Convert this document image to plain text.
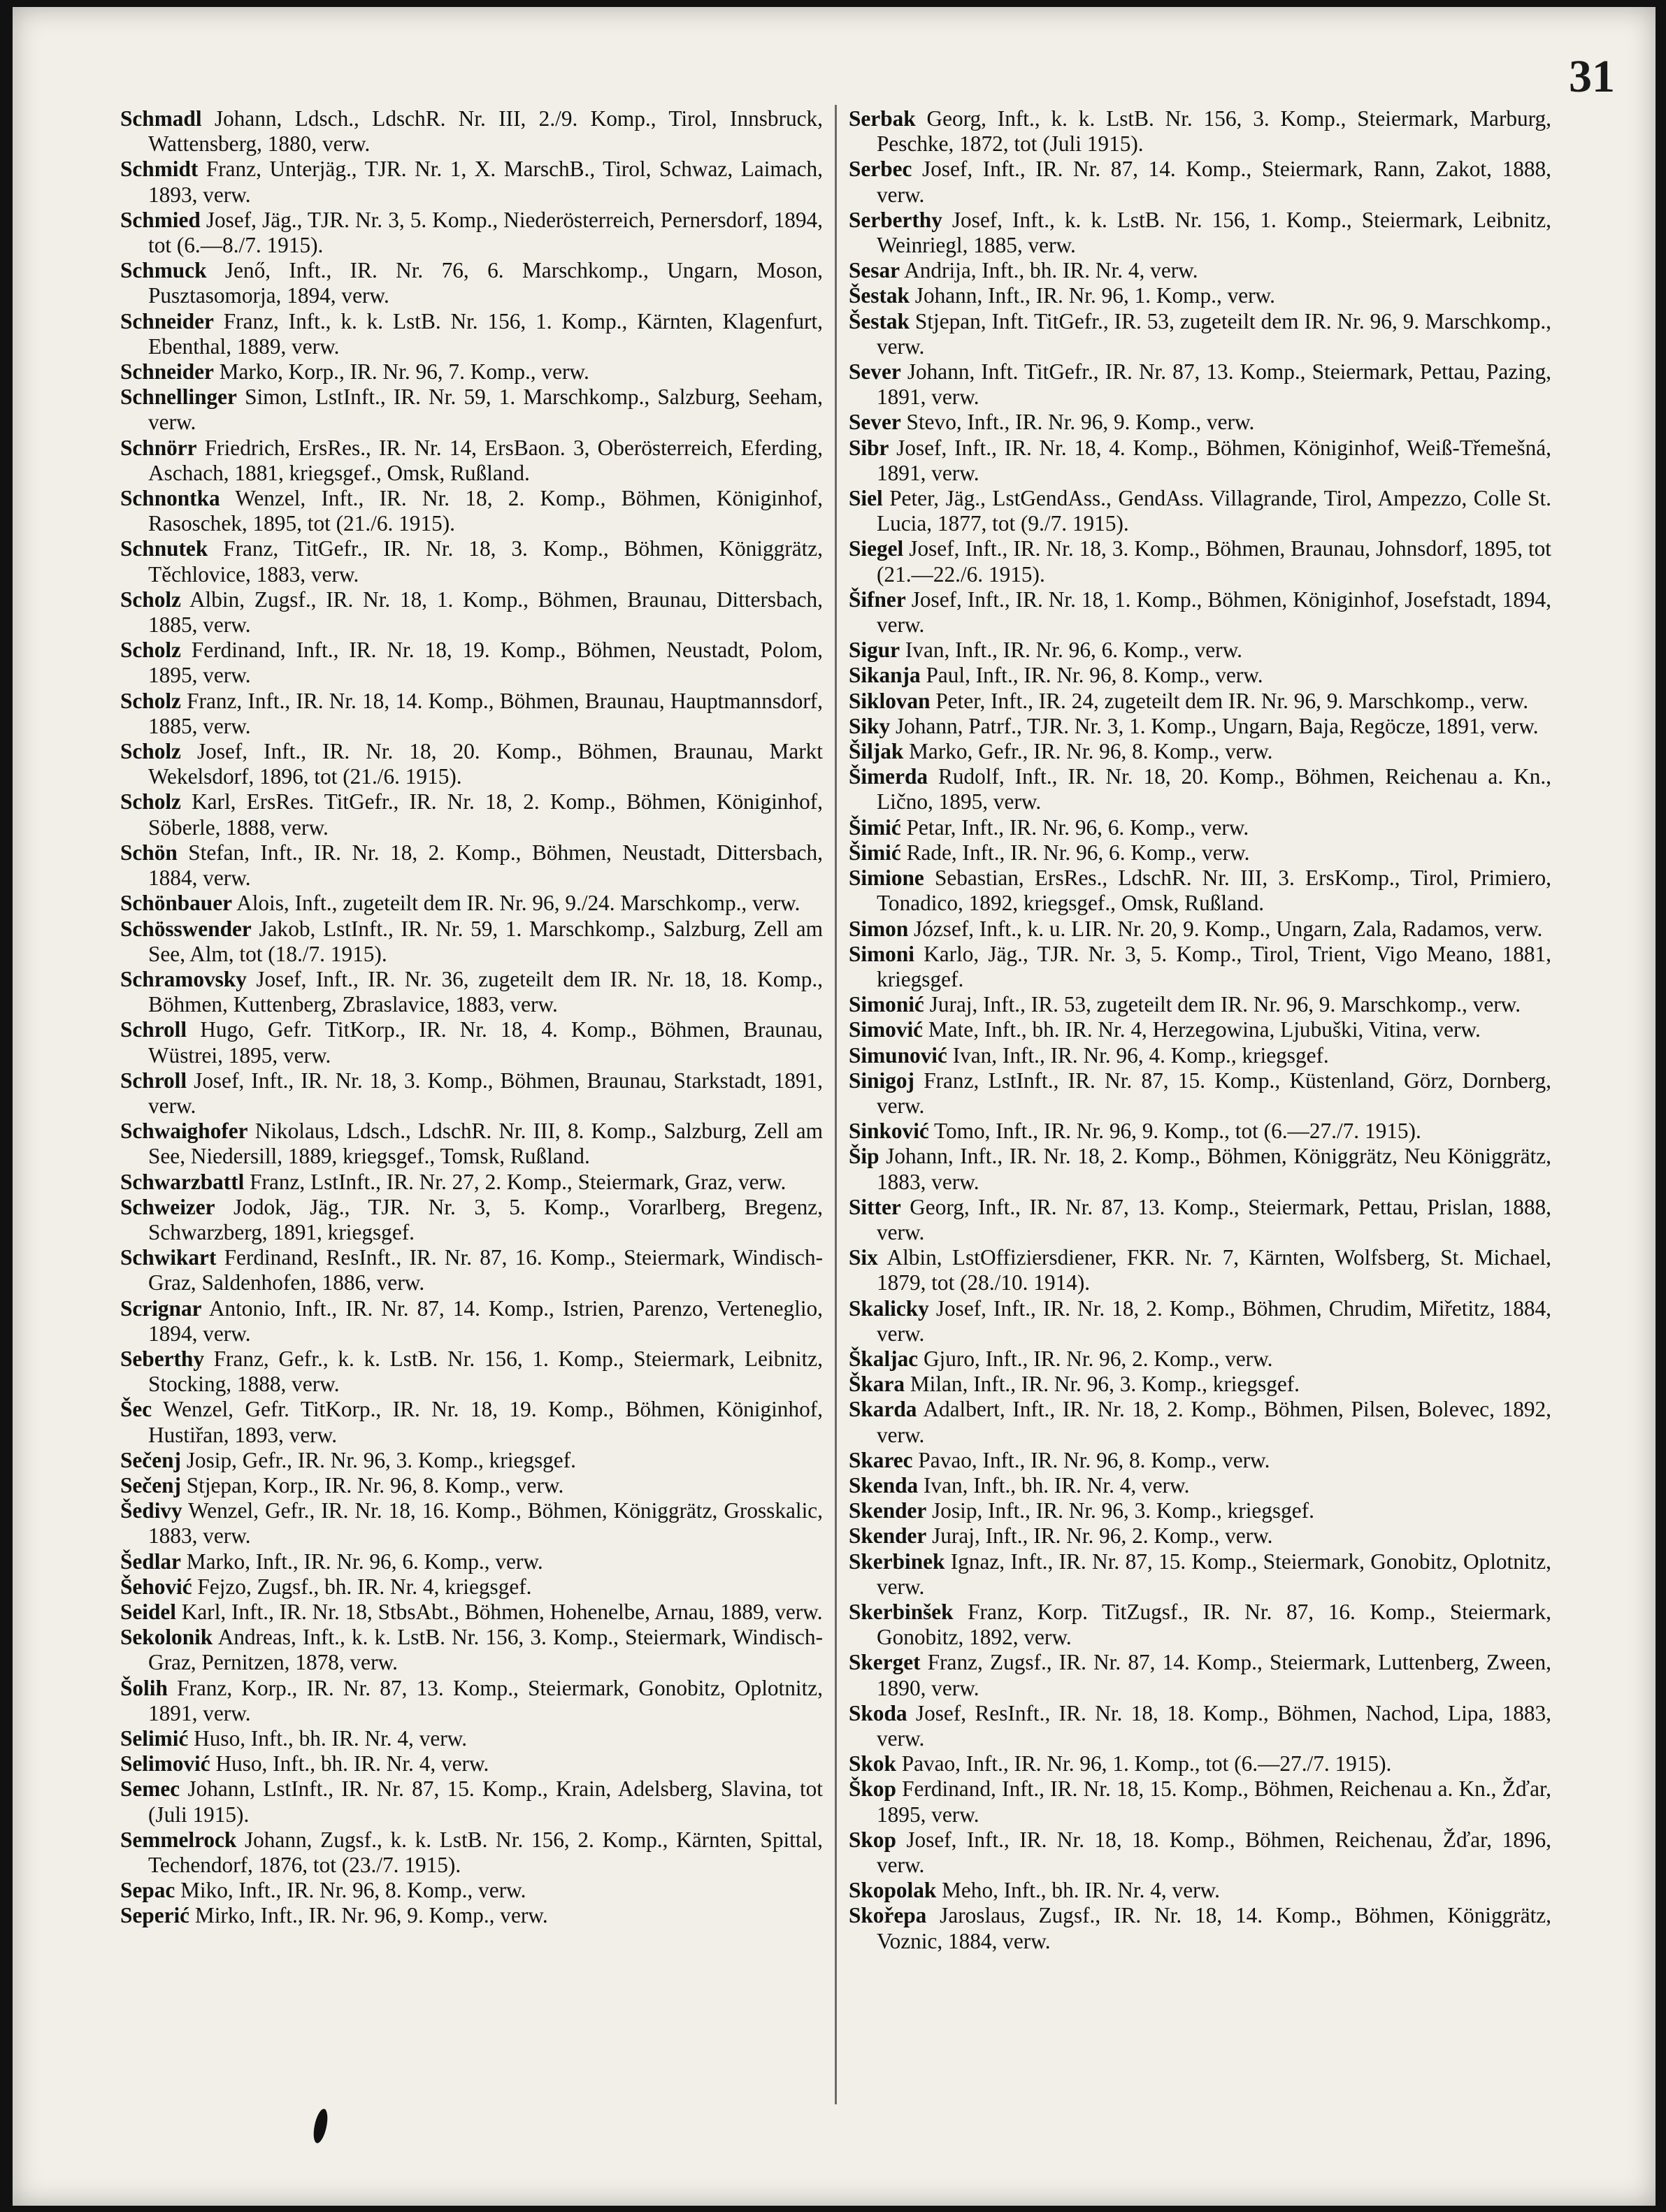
31

Schmadl Johann, Ldsch., LdschR. Nr. III, 2./9. Komp., Tirol, Innsbruck, Wattensberg, 1880, verw.

Schmidt Franz, Unterjäg., TJR. Nr. 1, X. MarschB., Tirol, Schwaz, Laimach, 1893, verw.

Schmied Josef, Jäg., TJR. Nr. 3, 5. Komp., Niederösterreich, Pernersdorf, 1894, tot (6.—8./7. 1915).

Schmuck Jenő, Inft., IR. Nr. 76, 6. Marschkomp., Ungarn, Moson, Pusztasomorja, 1894, verw.

Schneider Franz, Inft., k. k. LstB. Nr. 156, 1. Komp., Kärnten, Klagenfurt, Ebenthal, 1889, verw.

Schneider Marko, Korp., IR. Nr. 96, 7. Komp., verw.

Schnellinger Simon, LstInft., IR. Nr. 59, 1. Marschkomp., Salzburg, Seeham, verw.

Schnörr Friedrich, ErsRes., IR. Nr. 14, ErsBaon. 3, Oberösterreich, Eferding, Aschach, 1881, kriegsgef., Omsk, Rußland.

Schnontka Wenzel, Inft., IR. Nr. 18, 2. Komp., Böhmen, Königinhof, Rasoschek, 1895, tot (21./6. 1915).

Schnutek Franz, TitGefr., IR. Nr. 18, 3. Komp., Böhmen, Königgrätz, Těchlovice, 1883, verw.

Scholz Albin, Zugsf., IR. Nr. 18, 1. Komp., Böhmen, Braunau, Dittersbach, 1885, verw.

Scholz Ferdinand, Inft., IR. Nr. 18, 19. Komp., Böhmen, Neustadt, Polom, 1895, verw.

Scholz Franz, Inft., IR. Nr. 18, 14. Komp., Böhmen, Braunau, Hauptmannsdorf, 1885, verw.

Scholz Josef, Inft., IR. Nr. 18, 20. Komp., Böhmen, Braunau, Markt Wekelsdorf, 1896, tot (21./6. 1915).

Scholz Karl, ErsRes. TitGefr., IR. Nr. 18, 2. Komp., Böhmen, Königinhof, Söberle, 1888, verw.

Schön Stefan, Inft., IR. Nr. 18, 2. Komp., Böhmen, Neustadt, Dittersbach, 1884, verw.

Schönbauer Alois, Inft., zugeteilt dem IR. Nr. 96, 9./24. Marschkomp., verw.

Schösswender Jakob, LstInft., IR. Nr. 59, 1. Marschkomp., Salzburg, Zell am See, Alm, tot (18./7. 1915).

Schramovsky Josef, Inft., IR. Nr. 36, zugeteilt dem IR. Nr. 18, 18. Komp., Böhmen, Kuttenberg, Zbraslavice, 1883, verw.

Schroll Hugo, Gefr. TitKorp., IR. Nr. 18, 4. Komp., Böhmen, Braunau, Wüstrei, 1895, verw.

Schroll Josef, Inft., IR. Nr. 18, 3. Komp., Böhmen, Braunau, Starkstadt, 1891, verw.

Schwaighofer Nikolaus, Ldsch., LdschR. Nr. III, 8. Komp., Salzburg, Zell am See, Niedersill, 1889, kriegsgef., Tomsk, Rußland.

Schwarzbattl Franz, LstInft., IR. Nr. 27, 2. Komp., Steiermark, Graz, verw.

Schweizer Jodok, Jäg., TJR. Nr. 3, 5. Komp., Vorarlberg, Bregenz, Schwarzberg, 1891, kriegsgef.

Schwikart Ferdinand, ResInft., IR. Nr. 87, 16. Komp., Steiermark, Windisch-Graz, Saldenhofen, 1886, verw.

Scrignar Antonio, Inft., IR. Nr. 87, 14. Komp., Istrien, Parenzo, Verteneglio, 1894, verw.

Seberthy Franz, Gefr., k. k. LstB. Nr. 156, 1. Komp., Steiermark, Leibnitz, Stocking, 1888, verw.

Šec Wenzel, Gefr. TitKorp., IR. Nr. 18, 19. Komp., Böhmen, Königinhof, Hustiřan, 1893, verw.

Sečenj Josip, Gefr., IR. Nr. 96, 3. Komp., kriegsgef.

Sečenj Stjepan, Korp., IR. Nr. 96, 8. Komp., verw.

Šedivy Wenzel, Gefr., IR. Nr. 18, 16. Komp., Böhmen, Königgrätz, Grosskalic, 1883, verw.

Šedlar Marko, Inft., IR. Nr. 96, 6. Komp., verw.

Šehović Fejzo, Zugsf., bh. IR. Nr. 4, kriegsgef.

Seidel Karl, Inft., IR. Nr. 18, StbsAbt., Böhmen, Hohenelbe, Arnau, 1889, verw.

Sekolonik Andreas, Inft., k. k. LstB. Nr. 156, 3. Komp., Steiermark, Windisch-Graz, Pernitzen, 1878, verw.

Šolih Franz, Korp., IR. Nr. 87, 13. Komp., Steiermark, Gonobitz, Oplotnitz, 1891, verw.

Selimić Huso, Inft., bh. IR. Nr. 4, verw.

Selimović Huso, Inft., bh. IR. Nr. 4, verw.

Semec Johann, LstInft., IR. Nr. 87, 15. Komp., Krain, Adelsberg, Slavina, tot (Juli 1915).

Semmelrock Johann, Zugsf., k. k. LstB. Nr. 156, 2. Komp., Kärnten, Spittal, Techendorf, 1876, tot (23./7. 1915).

Sepac Miko, Inft., IR. Nr. 96, 8. Komp., verw.

Seperić Mirko, Inft., IR. Nr. 96, 9. Komp., verw.

Serbak Georg, Inft., k. k. LstB. Nr. 156, 3. Komp., Steiermark, Marburg, Peschke, 1872, tot (Juli 1915).

Serbec Josef, Inft., IR. Nr. 87, 14. Komp., Steiermark, Rann, Zakot, 1888, verw.

Serberthy Josef, Inft., k. k. LstB. Nr. 156, 1. Komp., Steiermark, Leibnitz, Weinriegl, 1885, verw.

Sesar Andrija, Inft., bh. IR. Nr. 4, verw.

Šestak Johann, Inft., IR. Nr. 96, 1. Komp., verw.

Šestak Stjepan, Inft. TitGefr., IR. 53, zugeteilt dem IR. Nr. 96, 9. Marschkomp., verw.

Sever Johann, Inft. TitGefr., IR. Nr. 87, 13. Komp., Steiermark, Pettau, Pazing, 1891, verw.

Sever Stevo, Inft., IR. Nr. 96, 9. Komp., verw.

Sibr Josef, Inft., IR. Nr. 18, 4. Komp., Böhmen, Königinhof, Weiß-Třemešná, 1891, verw.

Siel Peter, Jäg., LstGendAss., GendAss. Villagrande, Tirol, Ampezzo, Colle St. Lucia, 1877, tot (9./7. 1915).

Siegel Josef, Inft., IR. Nr. 18, 3. Komp., Böhmen, Braunau, Johnsdorf, 1895, tot (21.—22./6. 1915).

Šifner Josef, Inft., IR. Nr. 18, 1. Komp., Böhmen, Königinhof, Josefstadt, 1894, verw.

Sigur Ivan, Inft., IR. Nr. 96, 6. Komp., verw.

Sikanja Paul, Inft., IR. Nr. 96, 8. Komp., verw.

Siklovan Peter, Inft., IR. 24, zugeteilt dem IR. Nr. 96, 9. Marschkomp., verw.

Siky Johann, Patrf., TJR. Nr. 3, 1. Komp., Ungarn, Baja, Regöcze, 1891, verw.

Šiljak Marko, Gefr., IR. Nr. 96, 8. Komp., verw.

Šimerda Rudolf, Inft., IR. Nr. 18, 20. Komp., Böhmen, Reichenau a. Kn., Lično, 1895, verw.

Šimić Petar, Inft., IR. Nr. 96, 6. Komp., verw.

Šimić Rade, Inft., IR. Nr. 96, 6. Komp., verw.

Simione Sebastian, ErsRes., LdschR. Nr. III, 3. ErsKomp., Tirol, Primiero, Tonadico, 1892, kriegsgef., Omsk, Rußland.

Simon József, Inft., k. u. LIR. Nr. 20, 9. Komp., Ungarn, Zala, Radamos, verw.

Simoni Karlo, Jäg., TJR. Nr. 3, 5. Komp., Tirol, Trient, Vigo Meano, 1881, kriegsgef.

Simonić Juraj, Inft., IR. 53, zugeteilt dem IR. Nr. 96, 9. Marschkomp., verw.

Simović Mate, Inft., bh. IR. Nr. 4, Herzegowina, Ljubuški, Vitina, verw.

Simunović Ivan, Inft., IR. Nr. 96, 4. Komp., kriegsgef.

Sinigoj Franz, LstInft., IR. Nr. 87, 15. Komp., Küstenland, Görz, Dornberg, verw.

Sinković Tomo, Inft., IR. Nr. 96, 9. Komp., tot (6.—27./7. 1915).

Šip Johann, Inft., IR. Nr. 18, 2. Komp., Böhmen, Königgrätz, Neu Königgrätz, 1883, verw.

Sitter Georg, Inft., IR. Nr. 87, 13. Komp., Steiermark, Pettau, Prislan, 1888, verw.

Six Albin, LstOffiziersdiener, FKR. Nr. 7, Kärnten, Wolfsberg, St. Michael, 1879, tot (28./10. 1914).

Skalicky Josef, Inft., IR. Nr. 18, 2. Komp., Böhmen, Chrudim, Miřetitz, 1884, verw.

Škaljac Gjuro, Inft., IR. Nr. 96, 2. Komp., verw.

Škara Milan, Inft., IR. Nr. 96, 3. Komp., kriegsgef.

Skarda Adalbert, Inft., IR. Nr. 18, 2. Komp., Böhmen, Pilsen, Bolevec, 1892, verw.

Skarec Pavao, Inft., IR. Nr. 96, 8. Komp., verw.

Skenda Ivan, Inft., bh. IR. Nr. 4, verw.

Skender Josip, Inft., IR. Nr. 96, 3. Komp., kriegsgef.

Skender Juraj, Inft., IR. Nr. 96, 2. Komp., verw.

Skerbinek Ignaz, Inft., IR. Nr. 87, 15. Komp., Steiermark, Gonobitz, Oplotnitz, verw.

Skerbinšek Franz, Korp. TitZugsf., IR. Nr. 87, 16. Komp., Steiermark, Gonobitz, 1892, verw.

Skerget Franz, Zugsf., IR. Nr. 87, 14. Komp., Steiermark, Luttenberg, Zween, 1890, verw.

Skoda Josef, ResInft., IR. Nr. 18, 18. Komp., Böhmen, Nachod, Lipa, 1883, verw.

Skok Pavao, Inft., IR. Nr. 96, 1. Komp., tot (6.—27./7. 1915).

Škop Ferdinand, Inft., IR. Nr. 18, 15. Komp., Böhmen, Reichenau a. Kn., Žďar, 1895, verw.

Skop Josef, Inft., IR. Nr. 18, 18. Komp., Böhmen, Reichenau, Žďar, 1896, verw.

Skopolak Meho, Inft., bh. IR. Nr. 4, verw.

Skořepa Jaroslaus, Zugsf., IR. Nr. 18, 14. Komp., Böhmen, Königgrätz, Voznic, 1884, verw.
